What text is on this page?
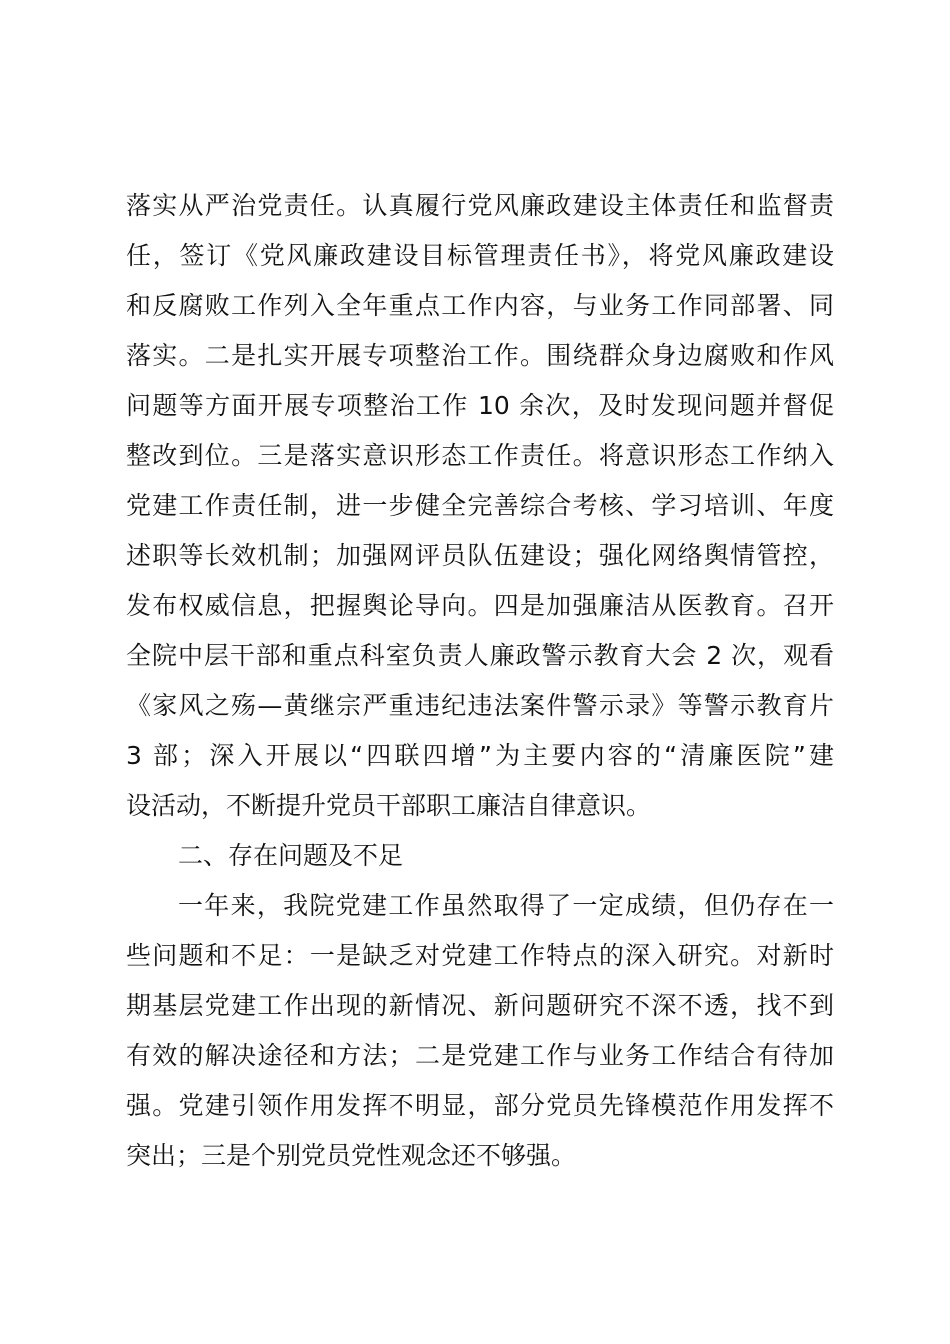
落实从严治党责任。认真履行党风廉政建设主体责任和监督责
任，签订《党风廉政建设目标管理责任书》，将党风廉政建设
和反腐败工作列入全年重点工作内容，与业务工作同部署、同
落实。二是扎实开展专项整治工作。围绕群众身边腐败和作风
问题等方面开展专项整治工作 10 余次，及时发现问题并督促
整改到位。三是落实意识形态工作责任。将意识形态工作纳入
党建工作责任制，进一步健全完善综合考核、学习培训、年度
述职等长效机制；加强网评员队伍建设；强化网络舆情管控，
发布权威信息，把握舆论导向。四是加强廉洁从医教育。召开
全院中层干部和重点科室负责人廉政警示教育大会 2 次，观看
《家风之殇—黄继宗严重违纪违法案件警示录》等警示教育片
3 部；深入开展以“四联四增”为主要内容的“清廉医院”建
设活动，不断提升党员干部职工廉洁自律意识。
二、存在问题及不足
一年来，我院党建工作虽然取得了一定成绩，但仍存在一
些问题和不足：一是缺乏对党建工作特点的深入研究。对新时
期基层党建工作出现的新情况、新问题研究不深不透，找不到
有效的解决途径和方法；二是党建工作与业务工作结合有待加
强。党建引领作用发挥不明显，部分党员先锋模范作用发挥不
突出；三是个别党员党性观念还不够强。
